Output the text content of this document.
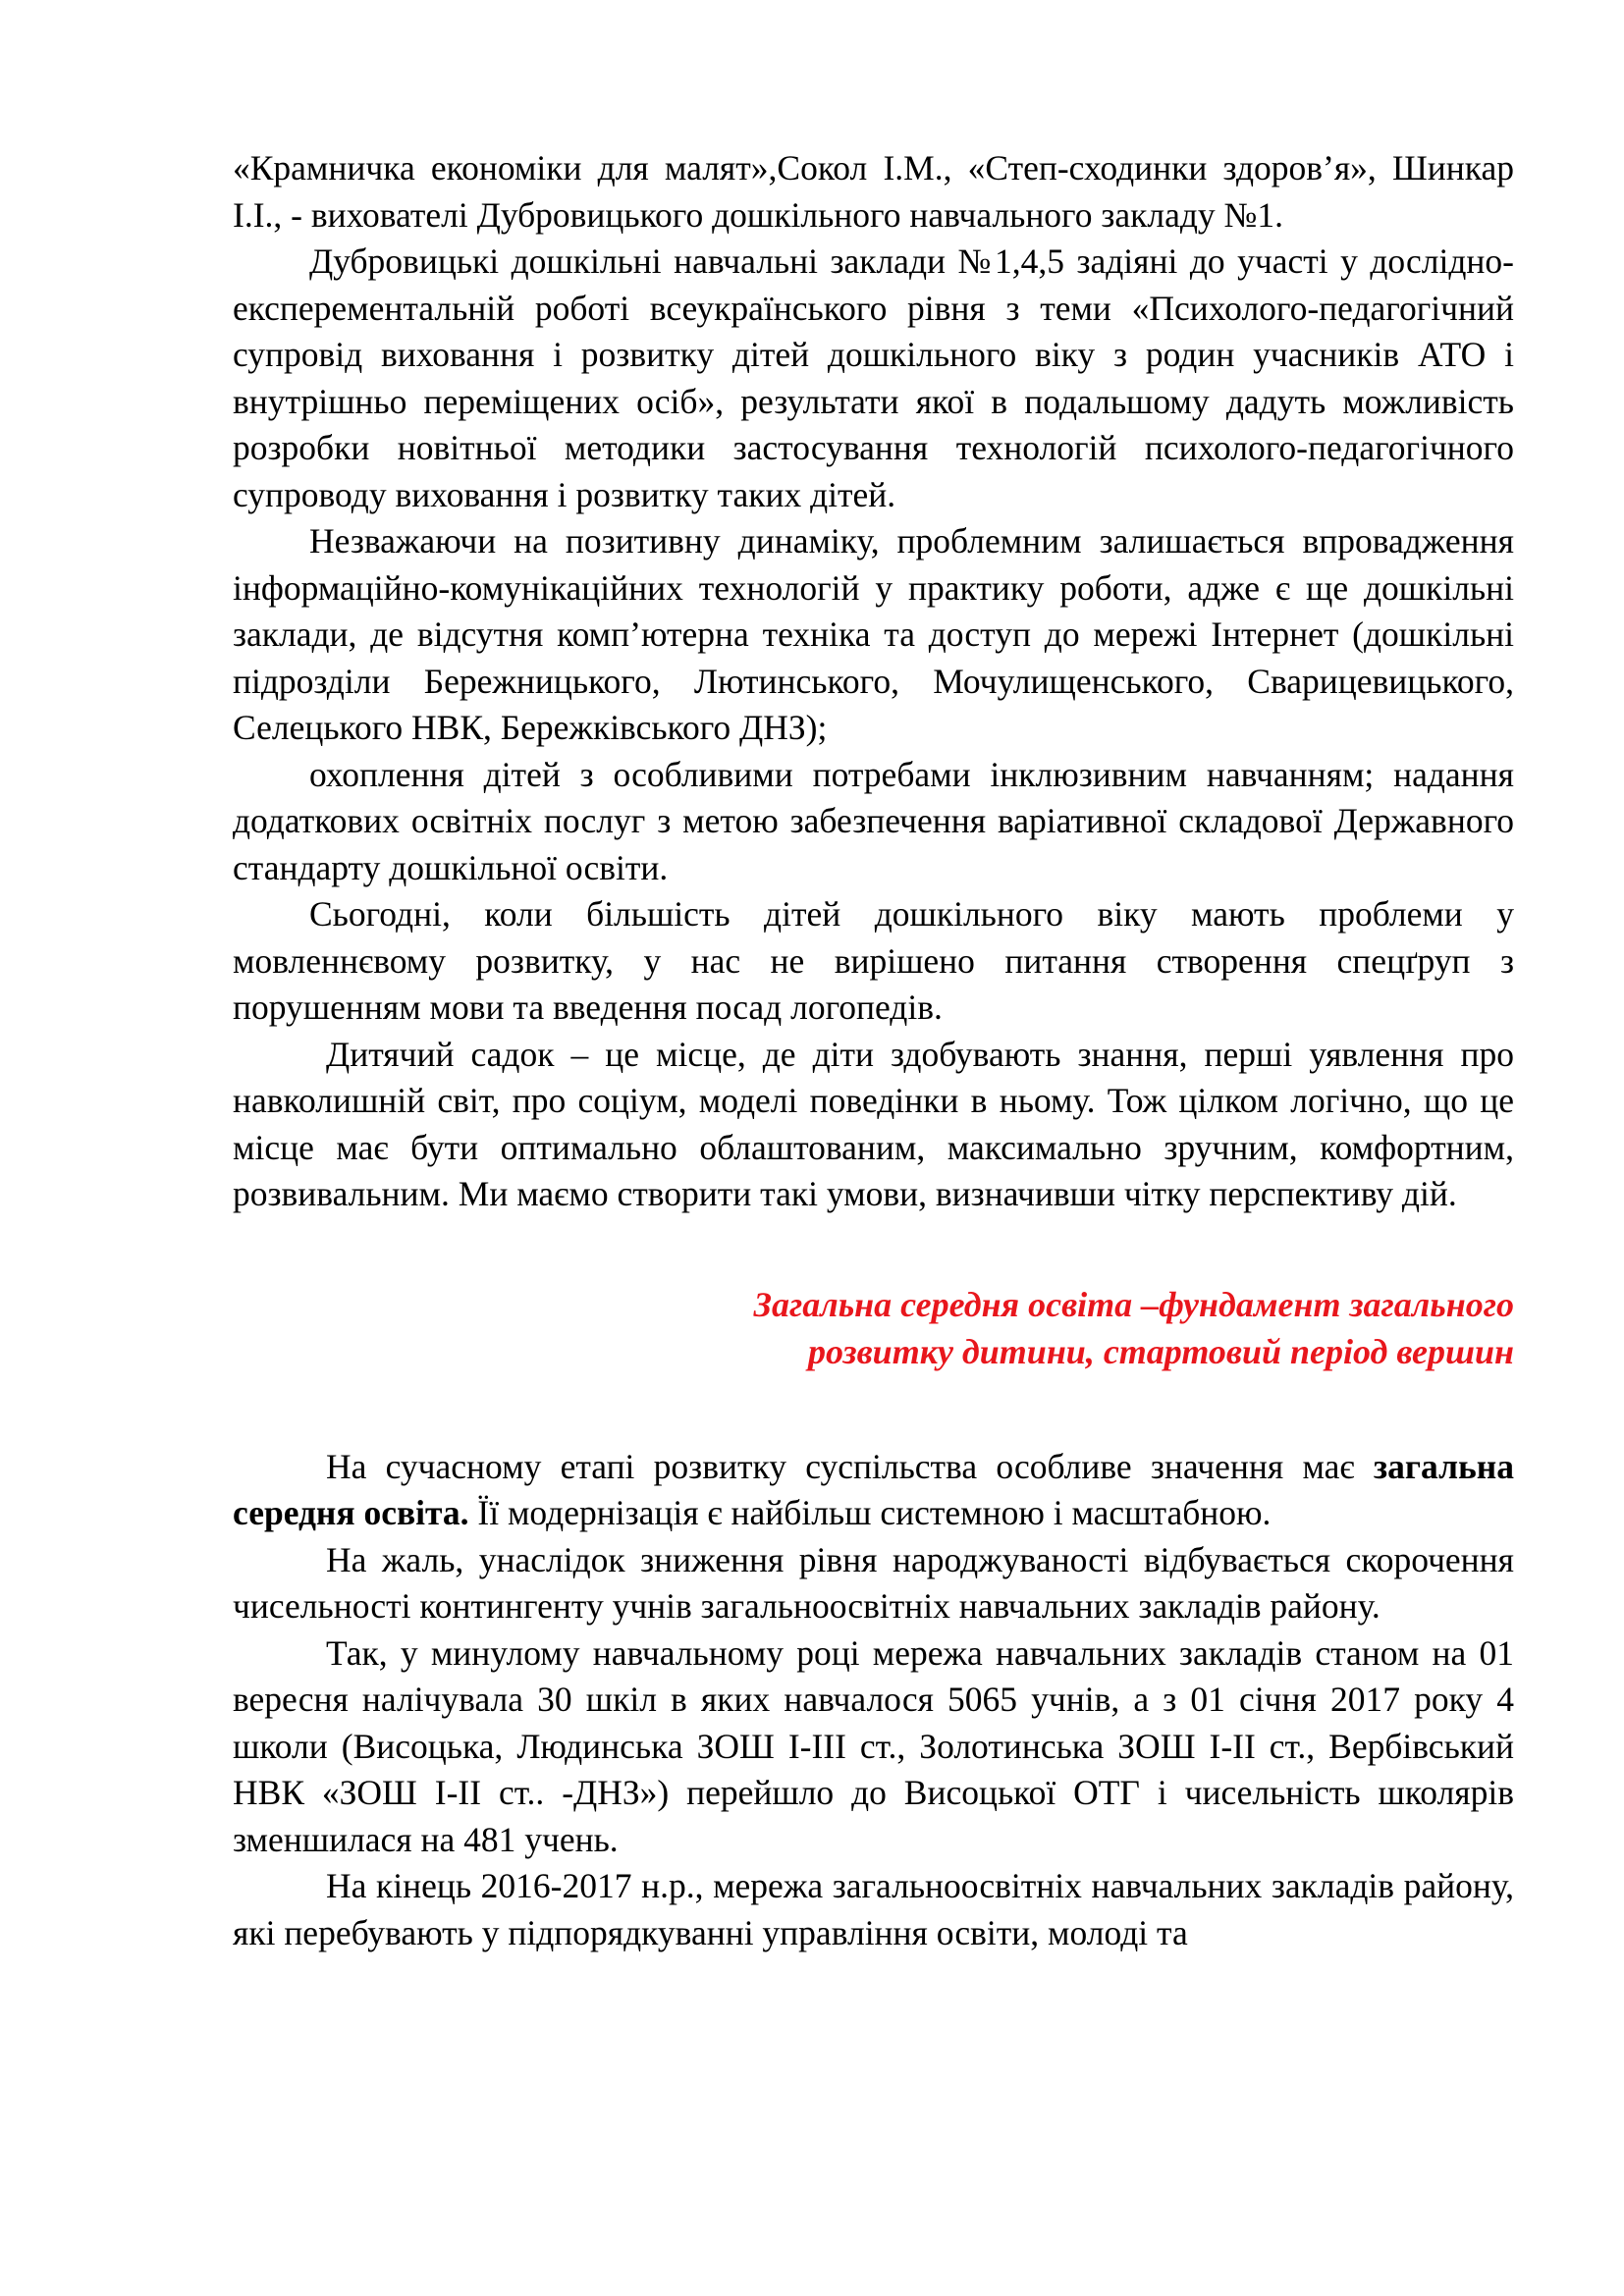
«Крамничка економіки для малят»,Сокол І.М., «Степ-сходинки здоров’я», Шинкар І.І., - вихователі Дубровицького дошкільного навчального закладу №1.

Дубровицькі дошкільні навчальні заклади №1,4,5 задіяні до участі у дослідно-експерементальній роботі всеукраїнського рівня з теми «Психолого-педагогічний супровід виховання і розвитку дітей дошкільного віку з родин учасників АТО і внутрішньо переміщених осіб», результати якої в подальшому дадуть можливість розробки новітньої методики застосування технологій психолого-педагогічного супроводу виховання і розвитку таких дітей.

Незважаючи на позитивну динаміку, проблемним залишається впровадження інформаційно-комунікаційних технологій у практику роботи, адже є ще дошкільні заклади, де відсутня комп’ютерна техніка та доступ до мережі Інтернет (дошкільні підрозділи Бережницького, Лютинського, Мочулищенського, Сварицевицького, Селецького НВК, Бережківського ДНЗ);

охоплення дітей з особливими потребами інклюзивним навчанням; надання додаткових освітніх послуг з метою забезпечення варіативної складової Державного стандарту дошкільної освіти.

Сьогодні, коли більшість дітей дошкільного віку мають проблеми у мовленнєвому розвитку, у нас не вирішено питання створення спецґруп з порушенням мови та введення посад логопедів.

Дитячий садок – це місце, де діти здобувають знання, перші уявлення про навколишній світ, про соціум, моделі поведінки в ньому. Тож цілком логічно, що це місце має бути оптимально облаштованим, максимально зручним, комфортним, розвивальним. Ми маємо створити такі умови, визначивши чітку перспективу дій.

Загальна середня освіта –фундамент загального
розвитку дитини, стартовий період вершин

На сучасному етапі розвитку суспільства особливе значення має загальна середня освіта. Її модернізація є найбільш системною і масштабною.

На жаль, унаслідок зниження рівня народжуваності відбувається скорочення чисельності контингенту учнів загальноосвітніх навчальних закладів району.

Так, у минулому навчальному році мережа навчальних закладів станом на 01 вересня налічувала 30 шкіл в яких навчалося 5065 учнів, а з 01 січня 2017 року 4 школи (Висоцька, Людинська ЗОШ І-ІІІ ст., Золотинська ЗОШ І-ІІ ст., Вербівський НВК «ЗОШ І-ІІ ст.. -ДНЗ») перейшло до Висоцької ОТГ і чисельність школярів зменшилася на 481 учень.

На кінець 2016-2017 н.р., мережа загальноосвітніх навчальних закладів району, які перебувають у підпорядкуванні управління освіти, молоді та
